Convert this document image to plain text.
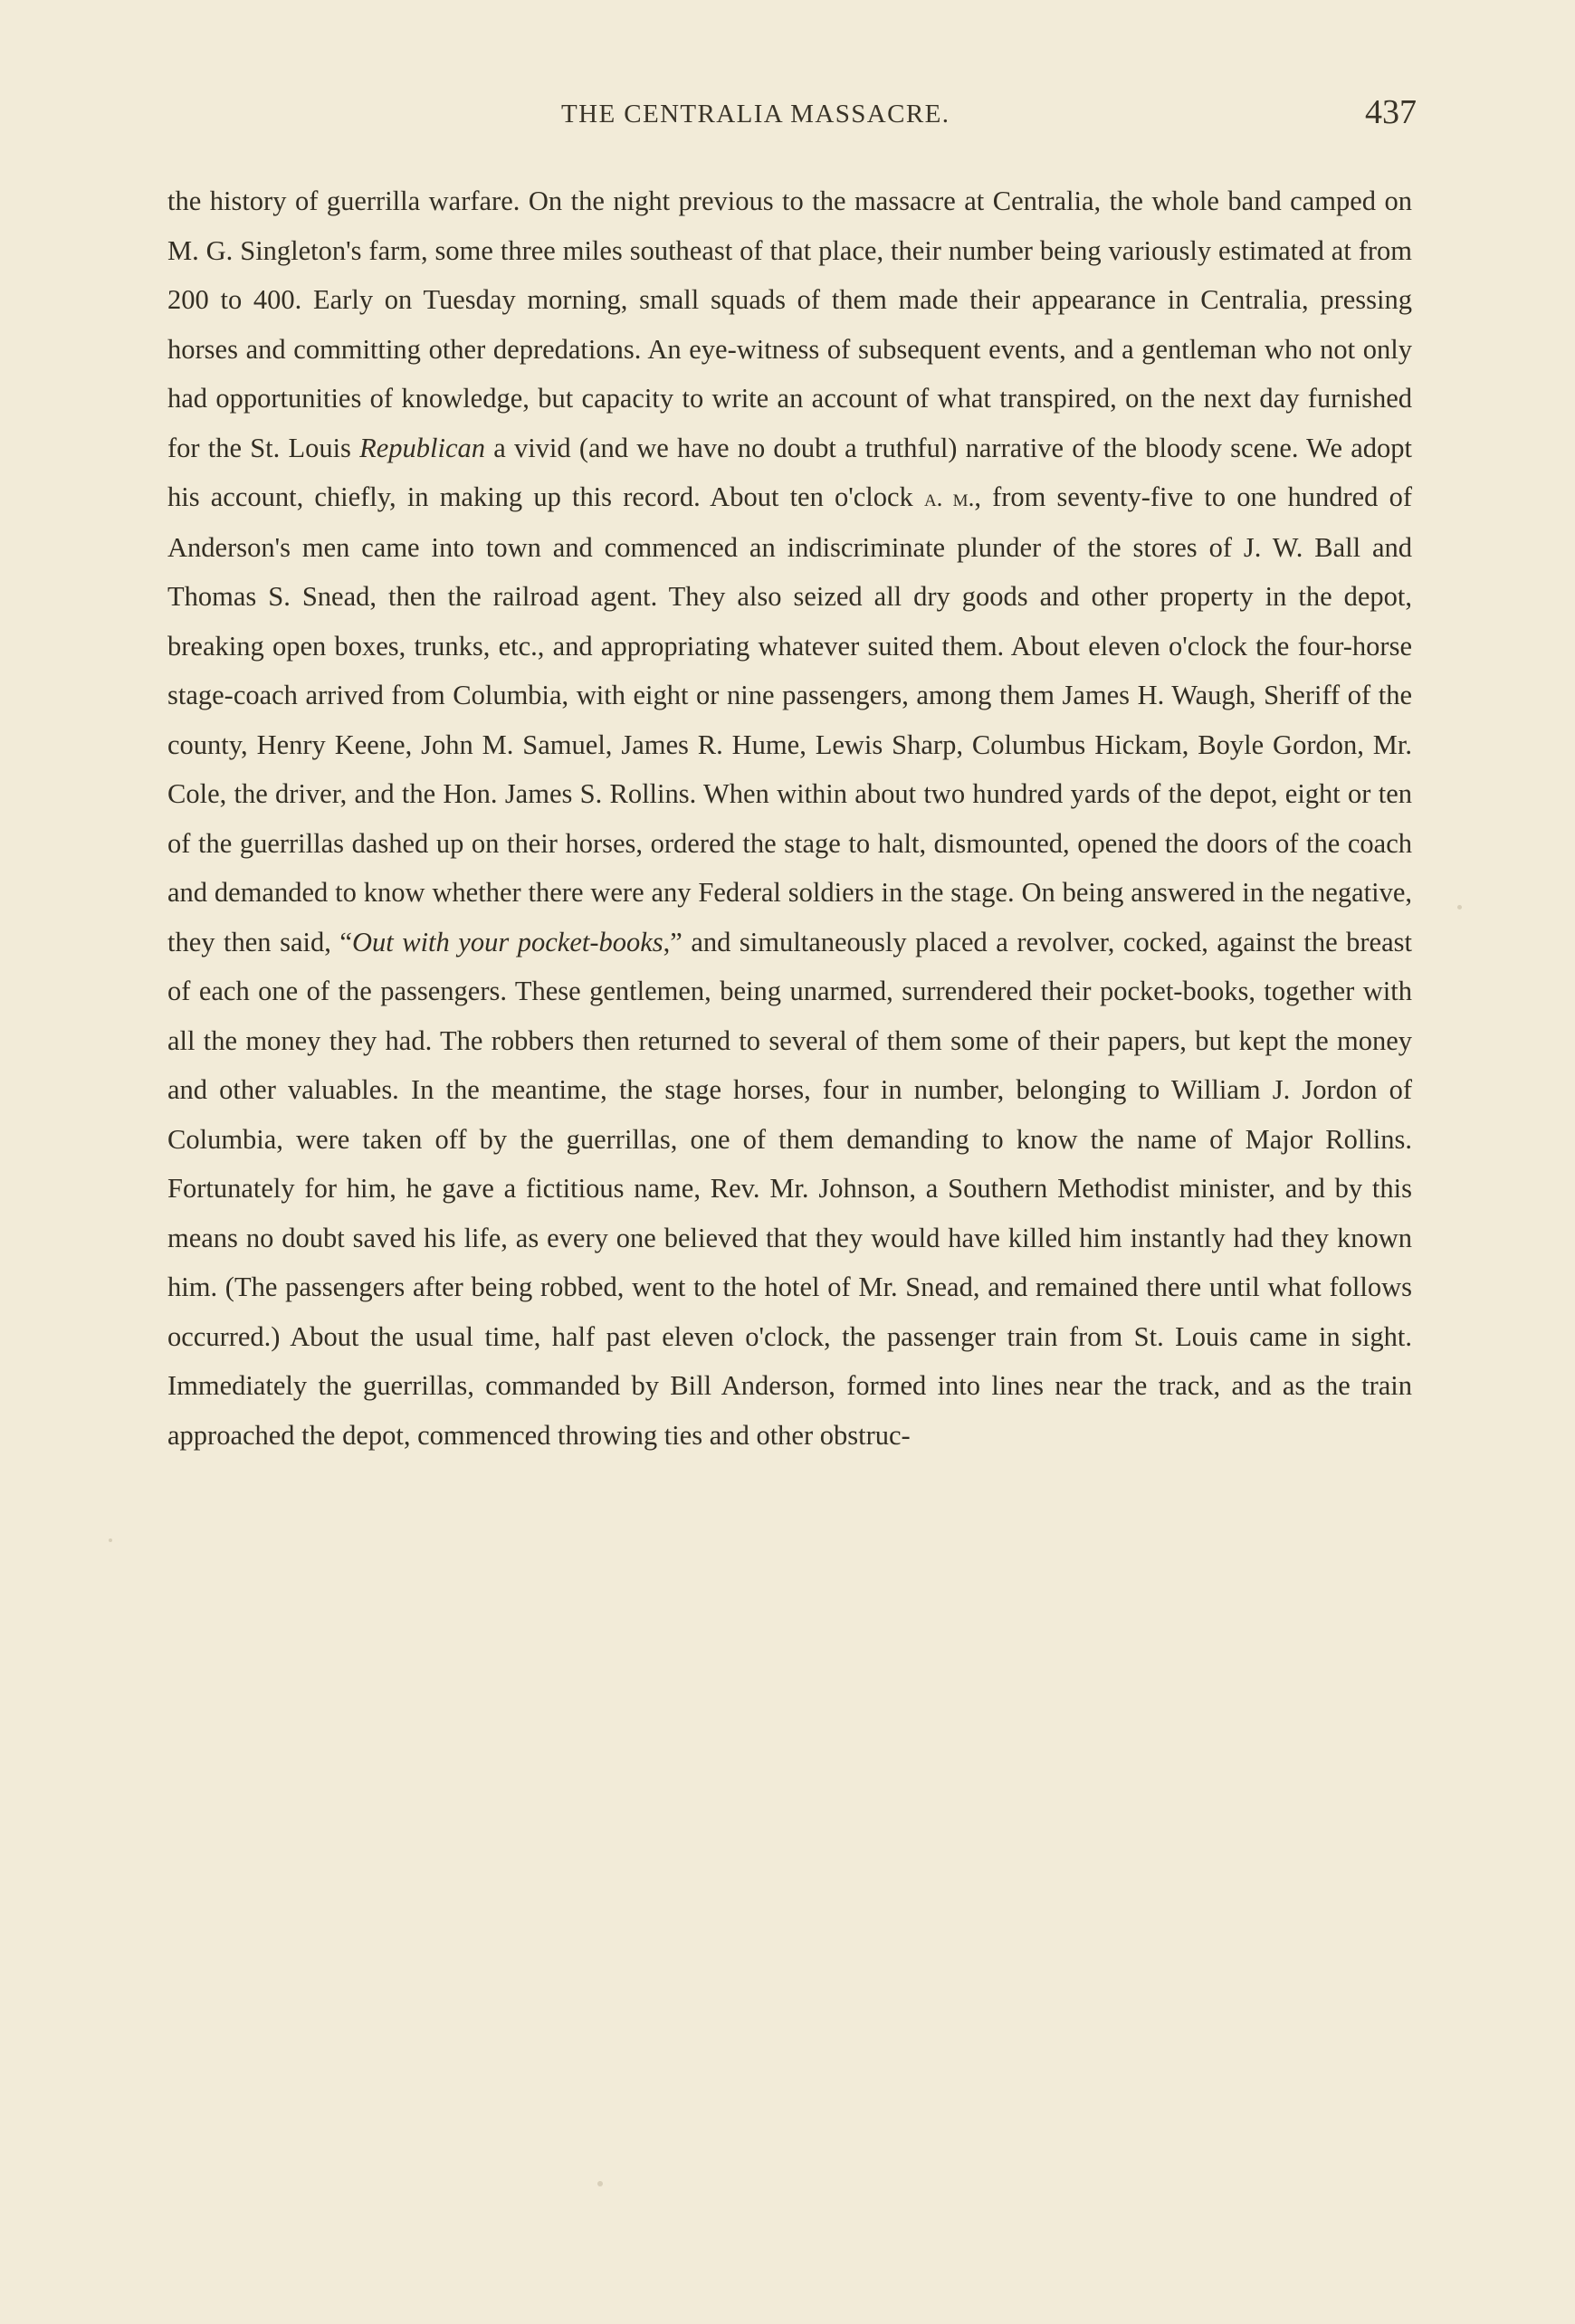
THE CENTRALIA MASSACRE.	437

the history of guerrilla warfare. On the night previous to the massacre at Centralia, the whole band camped on M. G. Singleton's farm, some three miles southeast of that place, their number being variously estimated at from 200 to 400. Early on Tuesday morning, small squads of them made their appearance in Centralia, pressing horses and committing other depredations. An eye-witness of subsequent events, and a gentleman who not only had opportunities of knowledge, but capacity to write an account of what transpired, on the next day furnished for the St. Louis Republican a vivid (and we have no doubt a truthful) narrative of the bloody scene. We adopt his account, chiefly, in making up this record. About ten o'clock a. m., from seventy-five to one hundred of Anderson's men came into town and commenced an indiscriminate plunder of the stores of J. W. Ball and Thomas S. Snead, then the railroad agent. They also seized all dry goods and other property in the depot, breaking open boxes, trunks, etc., and appropriating whatever suited them. About eleven o'clock the four-horse stage-coach arrived from Columbia, with eight or nine passengers, among them James H. Waugh, Sheriff of the county, Henry Keene, John M. Samuel, James R. Hume, Lewis Sharp, Columbus Hickam, Boyle Gordon, Mr. Cole, the driver, and the Hon. James S. Rollins. When within about two hundred yards of the depot, eight or ten of the guerrillas dashed up on their horses, ordered the stage to halt, dismounted, opened the doors of the coach and demanded to know whether there were any Federal soldiers in the stage. On being answered in the negative, they then said, “Out with your pocket-books,” and simultaneously placed a revolver, cocked, against the breast of each one of the passengers. These gentlemen, being unarmed, surrendered their pocket-books, together with all the money they had. The robbers then returned to several of them some of their papers, but kept the money and other valuables. In the meantime, the stage horses, four in number, belonging to William J. Jordon of Columbia, were taken off by the guerrillas, one of them demanding to know the name of Major Rollins. Fortunately for him, he gave a fictitious name, Rev. Mr. Johnson, a Southern Methodist minister, and by this means no doubt saved his life, as every one believed that they would have killed him instantly had they known him. (The passengers after being robbed, went to the hotel of Mr. Snead, and remained there until what follows occurred.) About the usual time, half past eleven o'clock, the passenger train from St. Louis came in sight. Immediately the guerrillas, commanded by Bill Anderson, formed into lines near the track, and as the train approached the depot, commenced throwing ties and other obstruc-
